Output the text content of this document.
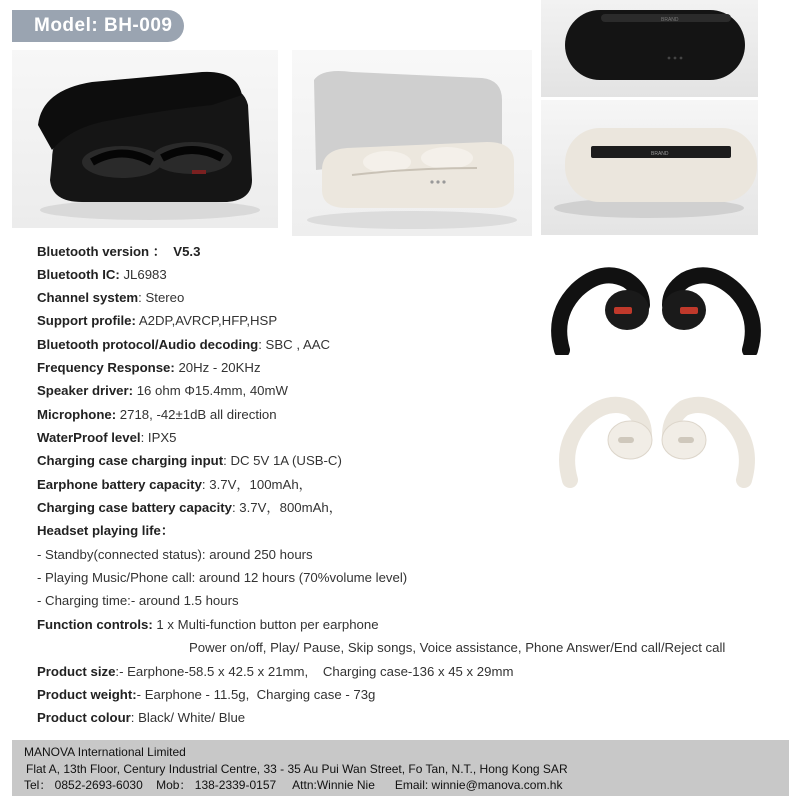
Model: BH-009	BRAND
BRAND
Bluetooth version ：  V5.3
Bluetooth IC: JL6983
Channel system: Stereo
Support profile: A2DP,AVRCP,HFP,HSP
Bluetooth protocol/Audio decoding: SBC , AAC
Frequency Response: 20Hz - 20KHz
Speaker driver: 16 ohm Φ15.4mm, 40mW
Microphone: 2718, -42±1dB all direction
WaterProof level: IPX5
Charging case charging input: DC 5V 1A (USB-C)
Earphone battery capacity: 3.7V，100mAh，
Charging case battery capacity: 3.7V，800mAh，
Headset playing life：
- Standby(connected status): around 250 hours
- Playing Music/Phone call: around 12 hours (70%volume level)
- Charging time:- around 1.5 hours
Function controls: 1 x Multi-function button per earphone
Power on/off, Play/ Pause, Skip songs, Voice assistance, Phone Answer/End call/Reject call
Product size:- Earphone-58.5 x 42.5 x 21mm,    Charging case-136 x 45 x 29mm
Product weight:- Earphone - 11.5g,  Charging case - 73g
Product colour: Black/ White/ Blue
MANOVA International Limited
Flat A, 13th Floor, Century Industrial Centre, 33 - 35 Au Pui Wan Street, Fo Tan, N.T., Hong Kong SAR
Tel： 0852-2693-6030    Mob： 138-2339-0157     Attn:Winnie Nie      Email: winnie@manova.com.hk
